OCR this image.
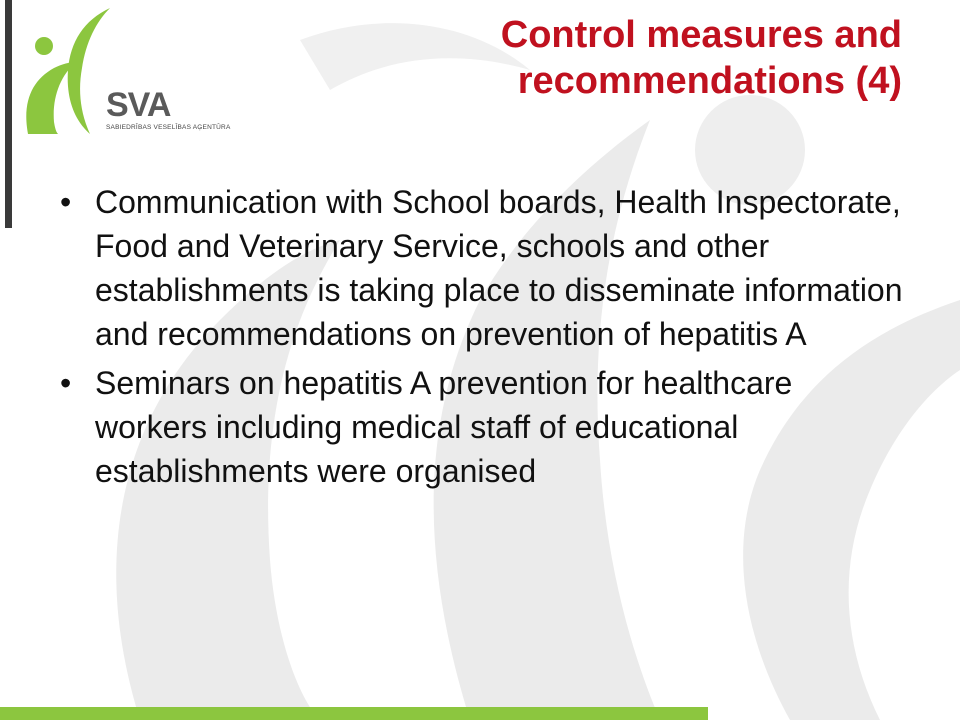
SVA
SABIEDRĪBAS VESELĪBAS AĢENTŪRA
Control measures and
recommendations (4)
• Communication with School boards, Health Inspectorate, Food and Veterinary Service, schools and other establishments is taking place to disseminate information and recommendations on prevention of hepatitis A
• Seminars on hepatitis A prevention for healthcare workers including medical staff of educational establishments were organised
